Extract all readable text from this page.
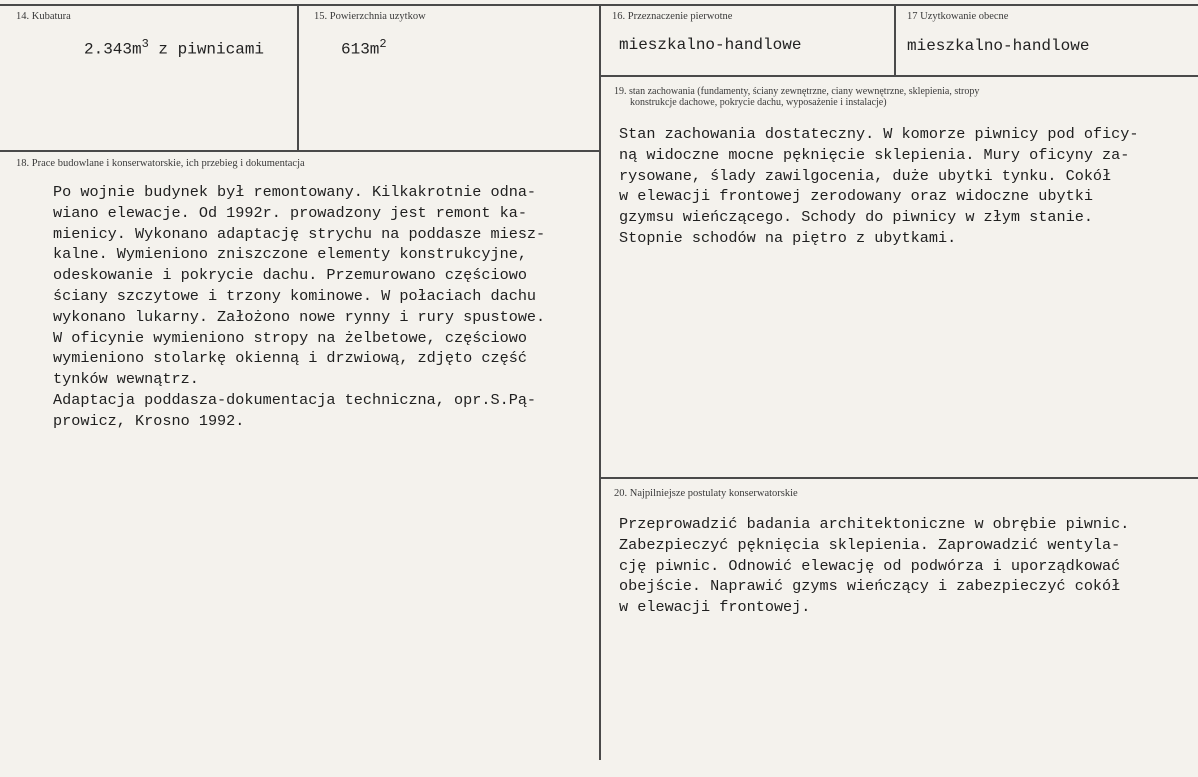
14. Kubatura
$2.343m^3$ z piwnicami
15. Powierzchnia uzytkow
$613m^2$
16. Przeznaczenie pierwotne
mieszkalno-handlowe
17 Uzytkowanie obecne
mieszkalno-handlowe
19. stan zachowania (fundamenty, ściany zewnętrzne, ciany wewnętrzne, sklepienia, stropy
konstrukcje dachowe, pokrycie dachu, wyposażenie i instalacje)
Stan zachowania dostateczny. W komorze piwnicy pod oficy-
ną widoczne mocne pęknięcie sklepienia. Mury oficyny za-
rysowane, ślady zawilgocenia, duże ubytki tynku. Cokół
w elewacji frontowej zerodowany oraz widoczne ubytki
gzymsu wieńczącego. Schody do piwnicy w złym stanie.
Stopnie schodów na piętro z ubytkami.
18. Prace budowlane i konserwatorskie, ich przebieg i dokumentacja
Po wojnie budynek był remontowany. Kilkakrotnie odna-
wiano elewacje. Od 1992r. prowadzony jest remont ka-
mienicy. Wykonano adaptację strychu na poddasze miesz-
kalne. Wymieniono zniszczone elementy konstrukcyjne,
odeskowanie i pokrycie dachu. Przemurowano częściowo
ściany szczytowe i trzony kominowe. W połaciach dachu
wykonano lukarny. Założono nowe rynny i rury spustowe.
W oficynie wymieniono stropy na żelbetowe, częściowo
wymieniono stolarkę okienną i drzwiową, zdjęto część
tynków wewnątrz.
Adaptacja poddasza-dokumentacja techniczna, opr.S.Pą-
prowicz, Krosno 1992.
20. Najpilniejsze postulaty konserwatorskie
Przeprowadzić badania architektoniczne w obrębie piwnic.
Zabezpieczyć pęknięcia sklepienia. Zaprowadzić wentyla-
cję piwnic. Odnowić elewację od podwórza i uporządkować
obejście. Naprawić gzyms wieńczący i zabezpieczyć cokół
w elewacji frontowej.
